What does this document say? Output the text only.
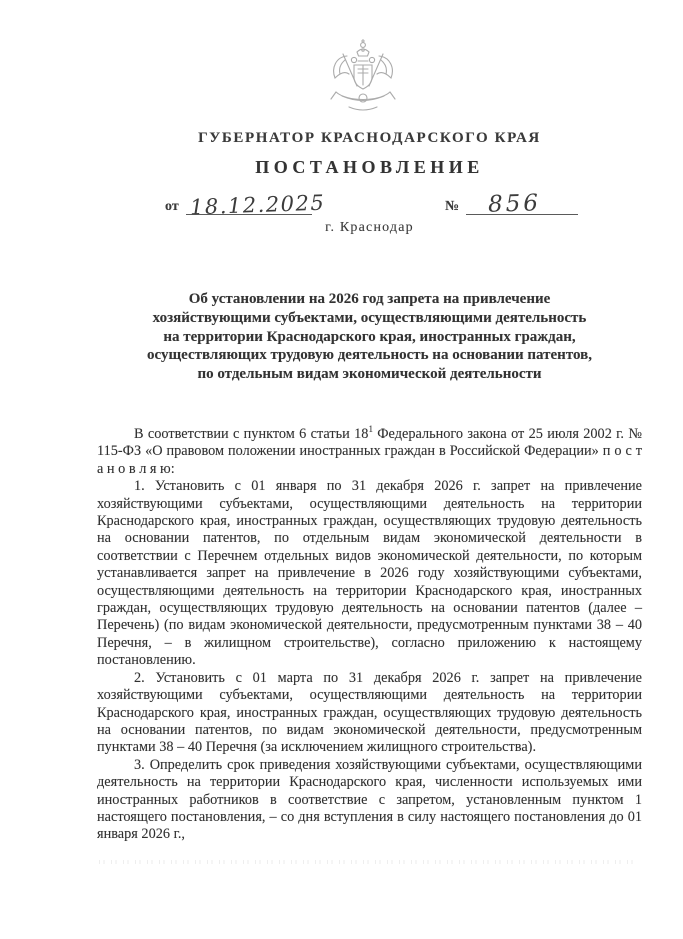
ГУБЕРНАТОР КРАСНОДАРСКОГО КРАЯ
ПОСТАНОВЛЕНИЕ
от 18.12.2025	№ 856
г. Краснодар
Об установлении на 2026 год запрета на привлечение
хозяйствующими субъектами, осуществляющими деятельность
на территории Краснодарского края, иностранных граждан,
осуществляющих трудовую деятельность на основании патентов,
по отдельным видам экономической деятельности

В соответствии с пунктом 6 статьи $18^1$ Федерального закона от 25 июля 2002 г. № 115-ФЗ «О правовом положении иностранных граждан в Российской Федерации» п о с т а н о в л я ю:

1. Установить с 01 января по 31 декабря 2026 г. запрет на привлечение хозяйствующими субъектами, осуществляющими деятельность на территории Краснодарского края, иностранных граждан, осуществляющих трудовую деятельность на основании патентов, по отдельным видам экономической деятельности в соответствии с Перечнем отдельных видов экономической деятельности, по которым устанавливается запрет на привлечение в 2026 году хозяйствующими субъектами, осуществляющими деятельность на территории Краснодарского края, иностранных граждан, осуществляющих трудовую деятельность на основании патентов (далее – Перечень) (по видам экономической деятельности, предусмотренным пунктами 38 – 40 Перечня, – в жилищном строительстве), согласно приложению к настоящему постановлению.

2. Установить с 01 марта по 31 декабря 2026 г. запрет на привлечение хозяйствующими субъектами, осуществляющими деятельность на территории Краснодарского края, иностранных граждан, осуществляющих трудовую деятельность на основании патентов, по видам экономической деятельности, предусмотренным пунктами 38 – 40 Перечня (за исключением жилищного строительства).

3. Определить срок приведения хозяйствующими субъектами, осуществляющими деятельность на территории Краснодарского края, численности используемых ими иностранных работников в соответствие с запретом, установленным пунктом 1 настоящего постановления, – со дня вступления в силу настоящего постановления до 01 января 2026 г.,
